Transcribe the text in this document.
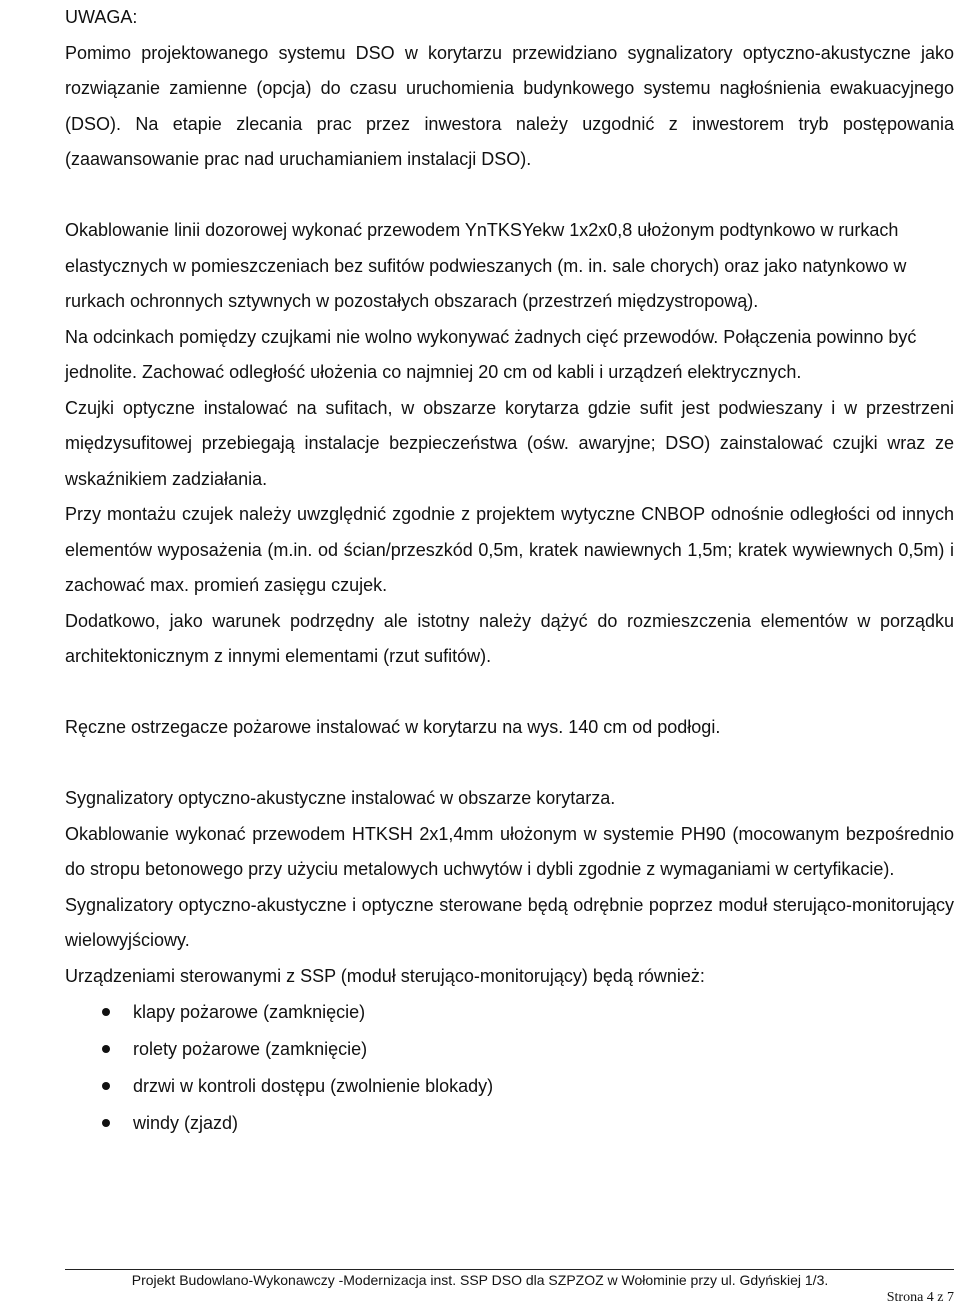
UWAGA:

Pomimo projektowanego systemu DSO w korytarzu przewidziano sygnalizatory optyczno-akustyczne jako rozwiązanie zamienne (opcja) do czasu uruchomienia budynkowego systemu nagłośnienia ewakuacyjnego (DSO). Na etapie zlecania prac przez inwestora należy uzgodnić z inwestorem tryb postępowania (zaawansowanie prac nad uruchamianiem instalacji DSO).

Okablowanie linii dozorowej wykonać przewodem YnTKSYekw 1x2x0,8 ułożonym podtynkowo w rurkach elastycznych w pomieszczeniach bez sufitów podwieszanych (m. in. sale chorych) oraz jako natynkowo w rurkach ochronnych sztywnych w pozostałych obszarach (przestrzeń międzystropową).

Na odcinkach pomiędzy czujkami nie wolno wykonywać żadnych cięć przewodów. Połączenia powinno być jednolite. Zachować odległość ułożenia co najmniej 20 cm od kabli i urządzeń elektrycznych.

Czujki optyczne instalować na sufitach, w obszarze korytarza gdzie sufit jest podwieszany i w przestrzeni międzysufitowej przebiegają instalacje bezpieczeństwa (ośw. awaryjne; DSO) zainstalować czujki wraz ze wskaźnikiem zadziałania.

Przy montażu czujek należy uwzględnić zgodnie z projektem wytyczne CNBOP odnośnie odległości od innych elementów wyposażenia (m.in. od ścian/przeszkód 0,5m, kratek nawiewnych 1,5m; kratek wywiewnych 0,5m) i zachować max. promień zasięgu czujek.

Dodatkowo, jako warunek podrzędny ale istotny należy dążyć do rozmieszczenia elementów w porządku architektonicznym z innymi elementami (rzut sufitów).

Ręczne ostrzegacze pożarowe instalować w korytarzu na wys. 140 cm od podłogi.

Sygnalizatory optyczno-akustyczne instalować w obszarze korytarza.

Okablowanie wykonać przewodem HTKSH 2x1,4mm ułożonym w systemie PH90 (mocowanym bezpośrednio do stropu betonowego przy użyciu metalowych uchwytów i dybli zgodnie z wymaganiami w certyfikacie).

Sygnalizatory optyczno-akustyczne i optyczne sterowane będą odrębnie poprzez moduł sterująco-monitorujący wielowyjściowy.

Urządzeniami sterowanymi z SSP (moduł sterująco-monitorujący) będą również:

klapy pożarowe (zamknięcie)
rolety pożarowe (zamknięcie)
drzwi w kontroli dostępu (zwolnienie blokady)
windy (zjazd)
Projekt Budowlano-Wykonawczy -Modernizacja inst. SSP DSO dla SZPZOZ w Wołominie przy ul. Gdyńskiej 1/3.
Strona 4 z 7
